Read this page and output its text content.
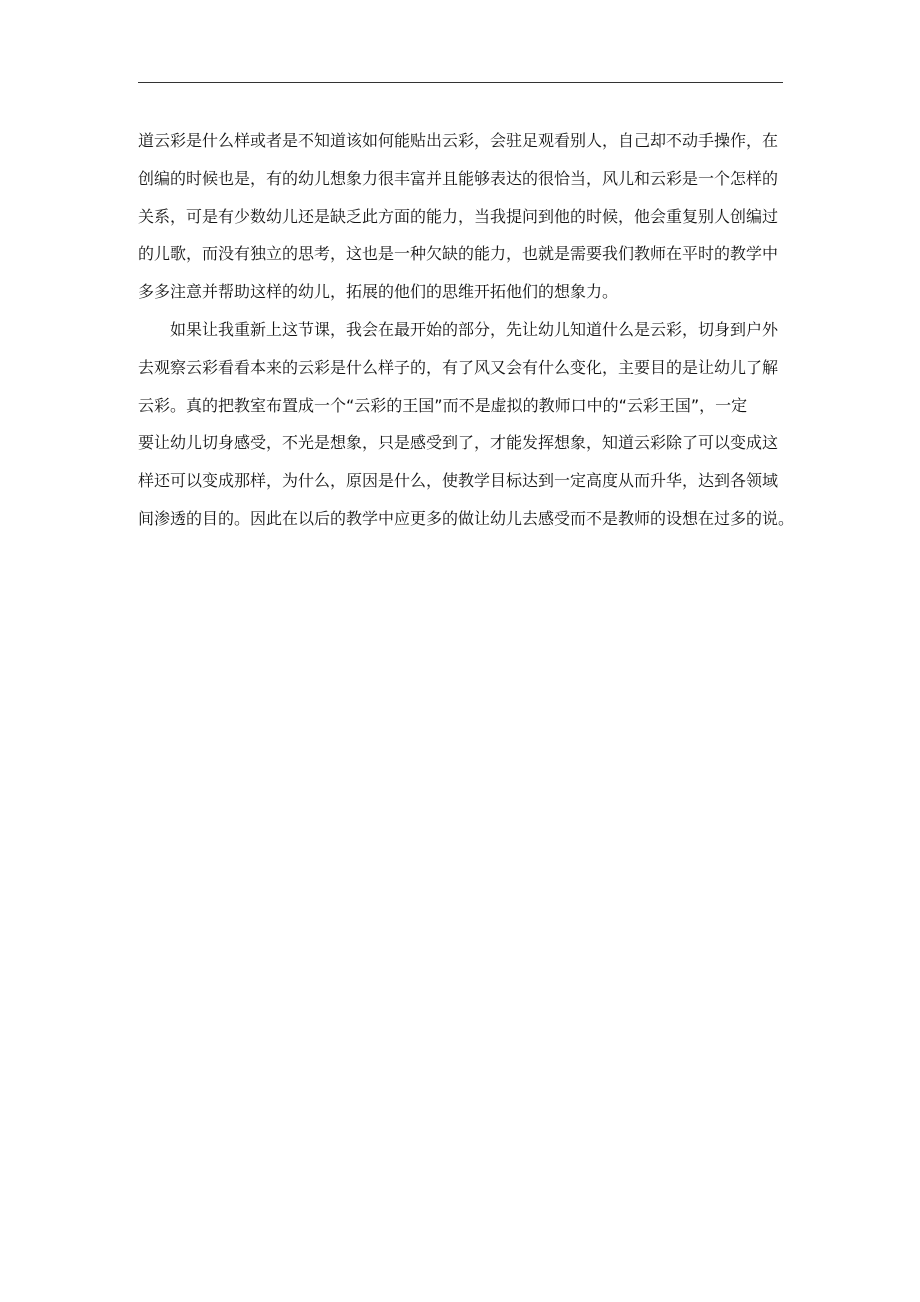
道云彩是什么样或者是不知道该如何能贴出云彩，会驻足观看别人，自己却不动手操作，在
创编的时候也是，有的幼儿想象力很丰富并且能够表达的很恰当，风儿和云彩是一个怎样的
关系，可是有少数幼儿还是缺乏此方面的能力，当我提问到他的时候，他会重复别人创编过
的儿歌，而没有独立的思考，这也是一种欠缺的能力，也就是需要我们教师在平时的教学中
多多注意并帮助这样的幼儿，拓展的他们的思维开拓他们的想象力。
如果让我重新上这节课，我会在最开始的部分，先让幼儿知道什么是云彩，切身到户外
去观察云彩看看本来的云彩是什么样子的，有了风又会有什么变化，主要目的是让幼儿了解
云彩。真的把教室布置成一个“云彩的王国”而不是虚拟的教师口中的“云彩王国”，一定
要让幼儿切身感受，不光是想象，只是感受到了，才能发挥想象，知道云彩除了可以变成这
样还可以变成那样，为什么，原因是什么，使教学目标达到一定高度从而升华，达到各领域
间渗透的目的。因此在以后的教学中应更多的做让幼儿去感受而不是教师的设想在过多的说。
